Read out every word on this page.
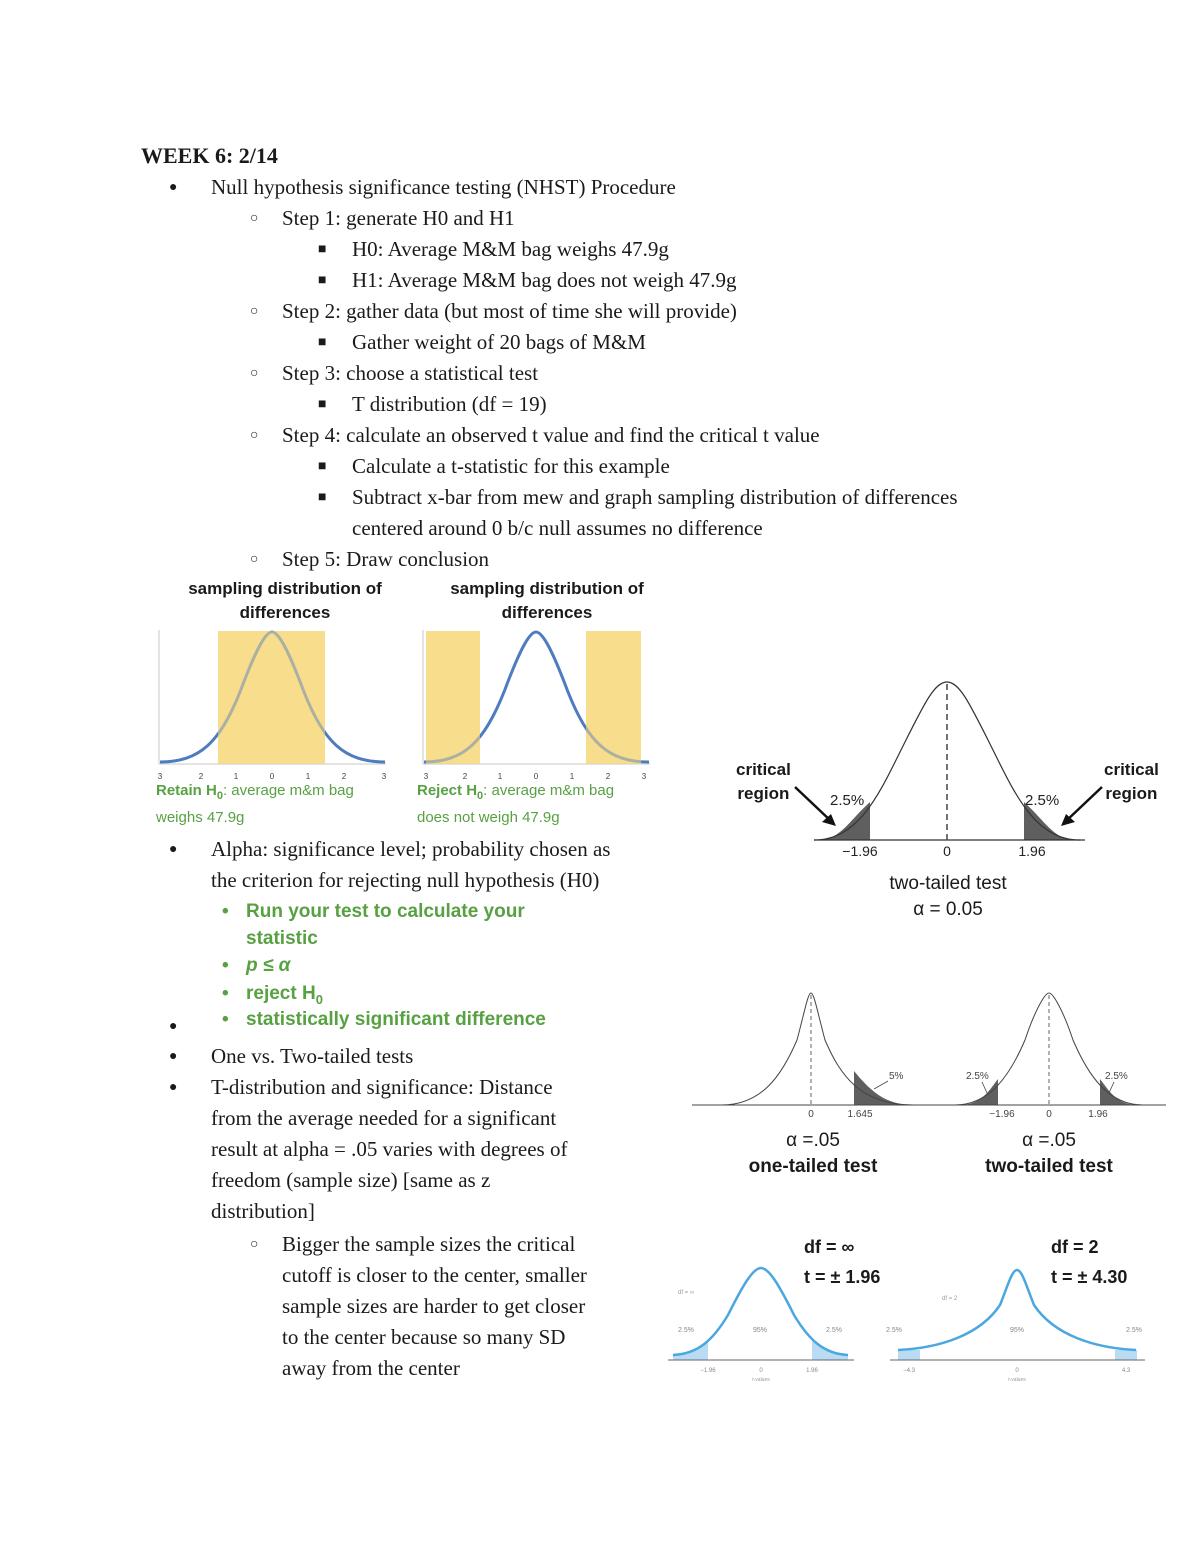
WEEK 6: 2/14
● Null hypothesis significance testing (NHST) Procedure
○ Step 1: generate H0 and H1
■ H0: Average M&M bag weighs 47.9g
■ H1: Average M&M bag does not weigh 47.9g
○ Step 2: gather data (but most of time she will provide)
■ Gather weight of 20 bags of M&M
○ Step 3: choose a statistical test
■ T distribution (df = 19)
○ Step 4: calculate an observed t value and find the critical t value
■ Calculate a t-statistic for this example
■ Subtract x-bar from mew and graph sampling distribution of differences
centered around 0 b/c null assumes no difference
○ Step 5: Draw conclusion
sampling distribution of
differences
3	2	1	0	1	2	3
Retain $H_0$: average m&m bag
weighs 47.9g
sampling distribution of
differences
3	2	1	0	1	2	3
Reject $H_0$: average m&m bag
does not weigh 47.9g
2.5%	2.5%
−1.96	0	1.96
critical
region
critical
region
two-tailed test
α = 0.05
● Alpha: significance level; probability chosen as
the criterion for rejecting null hypothesis (H0)
• Run your test to calculate your
statistic
• p ≤ α
• reject $H_0$
● • statistically significant difference
● One vs. Two-tailed tests
● T-distribution and significance: Distance
from the average needed for a significant
result at alpha = .05 varies with degrees of
freedom (sample size) [same as z
distribution]
○ Bigger the sample sizes the critical
cutoff is closer to the center, smaller
sample sizes are harder to get closer
to the center because so many SD
away from the center
5%
0	1.645
α =.05
one-tailed test
2.5%	2.5%
−1.96	0	1.96
α =.05
two-tailed test
df = ∞
t = ± 1.96
df = ∞
2.5%	95%	2.5%
−1.96	0	1.96
t-values
df = 2
t = ± 4.30
df = 2
2.5%	95%	2.5%
−4.3	0	4.3
t-values
